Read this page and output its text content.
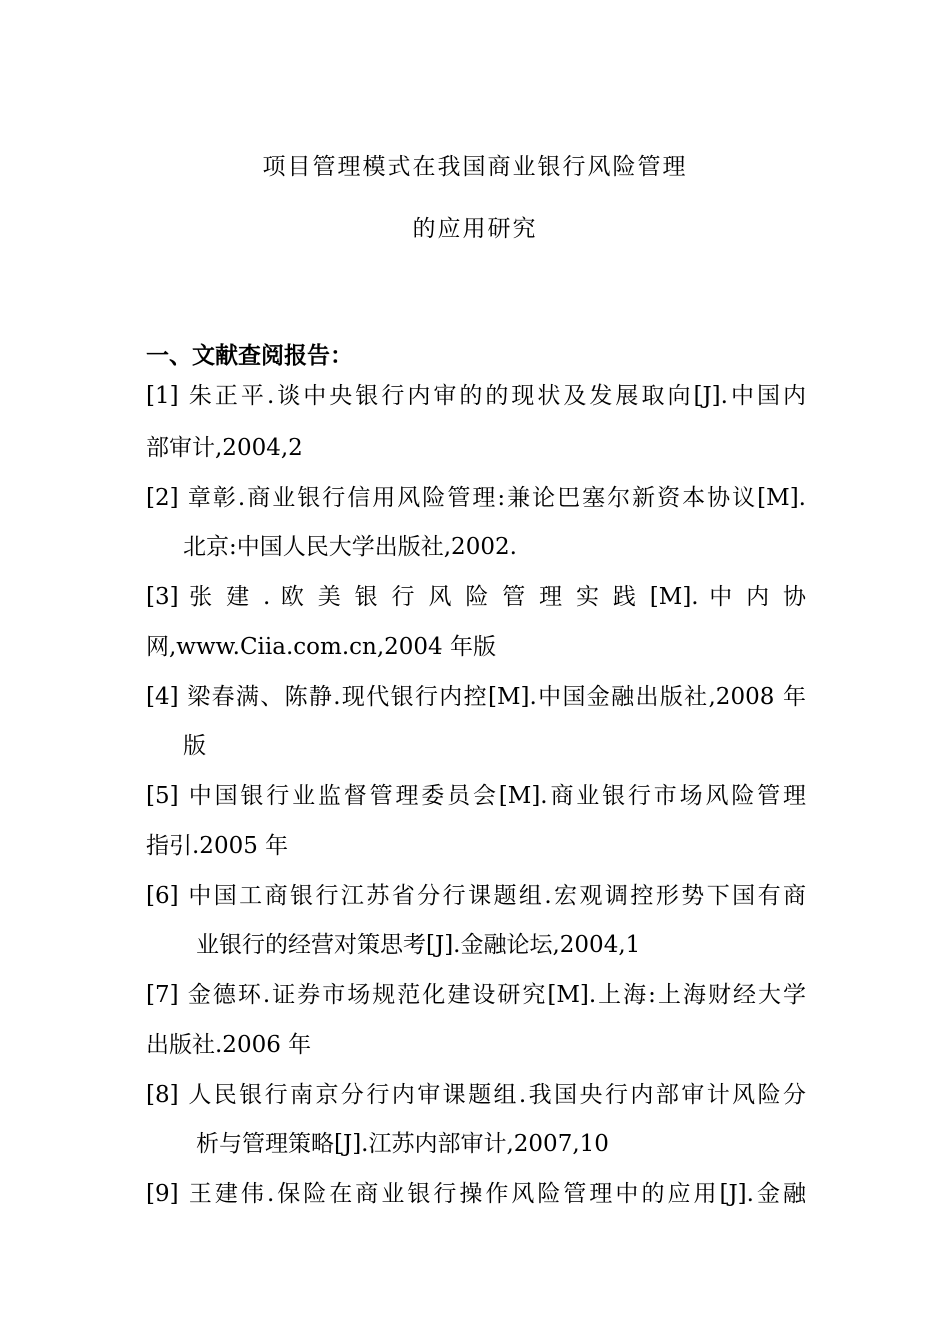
项目管理模式在我国商业银行风险管理
的应用研究
一、文献查阅报告：
[1] 朱正平.谈中央银行内审的的现状及发展取向[J].中国内
部审计,2004,2
[2] 章彰.商业银行信用风险管理:兼论巴塞尔新资本协议[M].
北京:中国人民大学出版社,2002.
[3] 张 建 . 欧 美 银 行 风 险 管 理 实 践 [M]. 中 内 协
网,www.Ciia.com.cn,2004 年版
[4] 梁春满、陈静.现代银行内控[M].中国金融出版社,2008 年
版
[5] 中国银行业监督管理委员会[M].商业银行市场风险管理
指引.2005 年
[6] 中国工商银行江苏省分行课题组.宏观调控形势下国有商
业银行的经营对策思考[J].金融论坛,2004,1
[7] 金德环.证券市场规范化建设研究[M].上海:上海财经大学
出版社.2006 年
[8] 人民银行南京分行内审课题组.我国央行内部审计风险分
析与管理策略[J].江苏内部审计,2007,10
[9] 王建伟.保险在商业银行操作风险管理中的应用[J].金融
